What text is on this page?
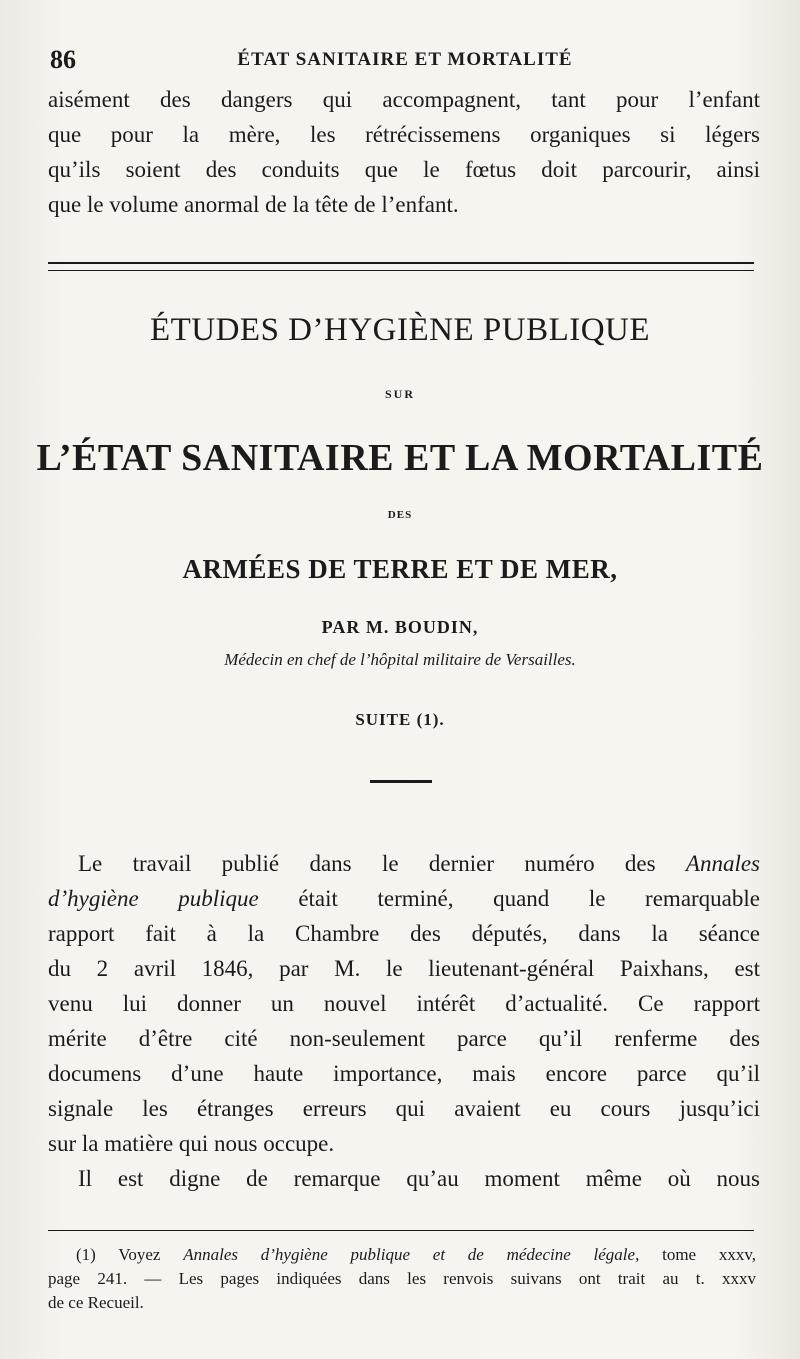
86	ÉTAT SANITAIRE ET MORTALITÉ
aisément des dangers qui accompagnent, tant pour l’enfant
que pour la mère, les rétrécissemens organiques si légers
qu’ils soient des conduits que le fœtus doit parcourir, ainsi
que le volume anormal de la tête de l’enfant.
ÉTUDES D’HYGIÈNE PUBLIQUE
SUR
L’ÉTAT SANITAIRE ET LA MORTALITÉ
DES
ARMÉES DE TERRE ET DE MER,
PAR M. BOUDIN,
Médecin en chef de l’hôpital militaire de Versailles.
SUITE (1).
Le travail publié dans le dernier numéro des Annales
d’hygiène publique était terminé, quand le remarquable
rapport fait à la Chambre des députés, dans la séance
du 2 avril 1846, par M. le lieutenant-général Paixhans, est
venu lui donner un nouvel intérêt d’actualité. Ce rapport
mérite d’être cité non-seulement parce qu’il renferme des
documens d’une haute importance, mais encore parce qu’il
signale les étranges erreurs qui avaient eu cours jusqu’ici
sur la matière qui nous occupe.
Il est digne de remarque qu’au moment même où nous
(1) Voyez Annales d’hygiène publique et de médecine légale, tome xxxv,
page 241. — Les pages indiquées dans les renvois suivans ont trait au t. xxxv
de ce Recueil.
